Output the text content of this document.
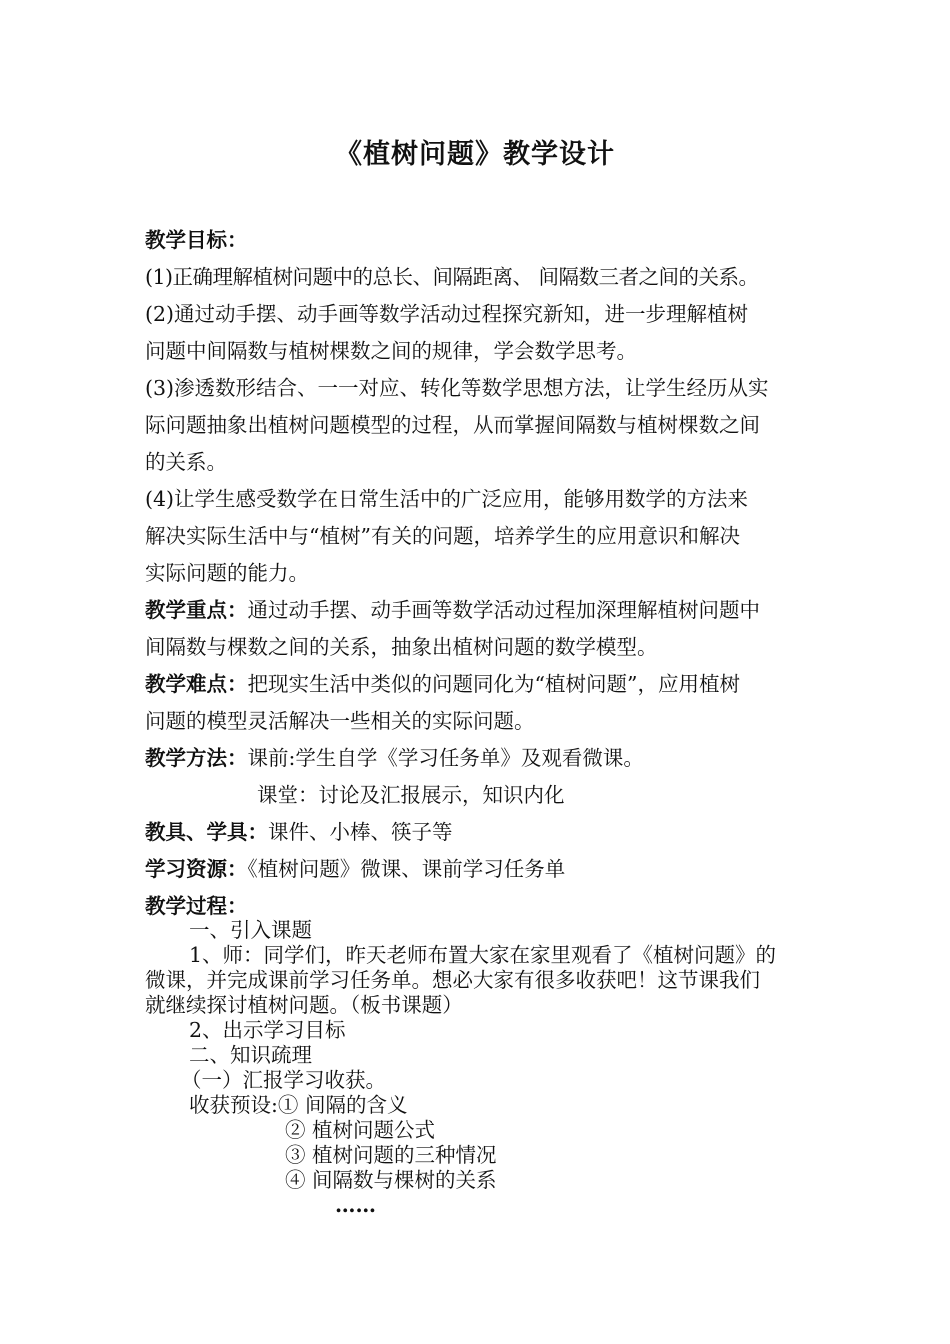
《植树问题》教学设计

教学目标：

(1)正确理解植树问题中的总长、间隔距离、 间隔数三者之间的关系。

(2)通过动手摆、动手画等数学活动过程探究新知，进一步理解植树

问题中间隔数与植树棵数之间的规律，学会数学思考。

(3)渗透数形结合、一一对应、转化等数学思想方法，让学生经历从实

际问题抽象出植树问题模型的过程，从而掌握间隔数与植树棵数之间

的关系。

(4)让学生感受数学在日常生活中的广泛应用，能够用数学的方法来

解决实际生活中与“植树”有关的问题，培养学生的应用意识和解决

实际问题的能力。

教学重点：通过动手摆、动手画等数学活动过程加深理解植树问题中

间隔数与棵数之间的关系，抽象出植树问题的数学模型。

教学难点：把现实生活中类似的问题同化为“植树问题”，应用植树

问题的模型灵活解决一些相关的实际问题。

教学方法：课前:学生自学《学习任务单》及观看微课。

课堂：讨论及汇报展示，知识内化

教具、学具：课件、小棒、筷子等

学习资源：《植树问题》微课、课前学习任务单

教学过程：

一、引入课题

1、师：同学们，昨天老师布置大家在家里观看了《植树问题》的

微课，并完成课前学习任务单。想必大家有很多收获吧！这节课我们

就继续探讨植树问题。（板书课题）

2、出示学习目标

二、知识疏理

（一）汇报学习收获。

收获预设:① 间隔的含义

② 植树问题公式

③ 植树问题的三种情况

④ 间隔数与棵树的关系

……
